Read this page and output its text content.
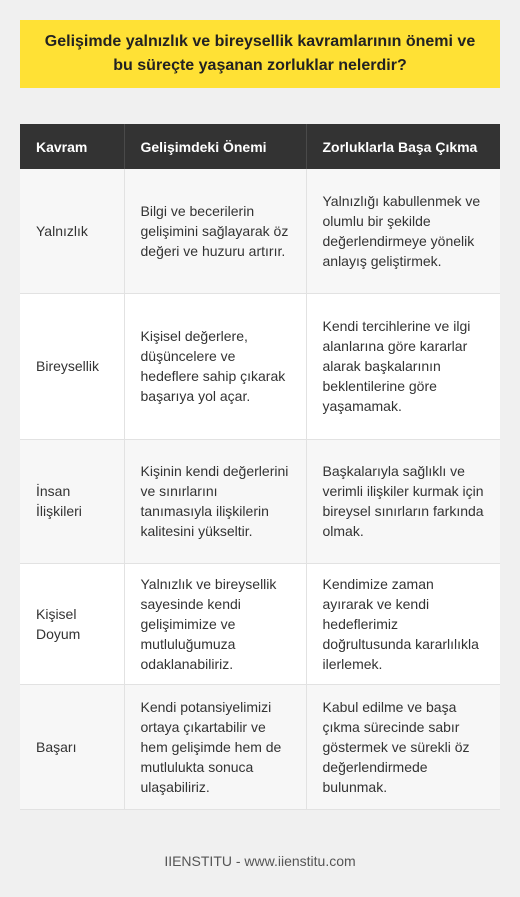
Gelişimde yalnızlık ve bireysellik kavramlarının önemi ve bu süreçte yaşanan zorluklar nelerdir?
Kavram	Gelişimdeki Önemi	Zorluklarla Başa Çıkma
Yalnızlık	Bilgi ve becerilerin gelişimini sağlayarak öz değeri ve huzuru artırır.	Yalnızlığı kabullenmek ve olumlu bir şekilde değerlendirmeye yönelik anlayış geliştirmek.
Bireysellik	Kişisel değerlere, düşüncelere ve hedeflere sahip çıkarak başarıya yol açar.	Kendi tercihlerine ve ilgi alanlarına göre kararlar alarak başkalarının beklentilerine göre yaşamamak.
İnsan İlişkileri	Kişinin kendi değerlerini ve sınırlarını tanımasıyla ilişkilerin kalitesini yükseltir.	Başkalarıyla sağlıklı ve verimli ilişkiler kurmak için bireysel sınırların farkında olmak.
Kişisel Doyum	Yalnızlık ve bireysellik sayesinde kendi gelişimimize ve mutluluğumuza odaklanabiliriz.	Kendimize zaman ayırarak ve kendi hedeflerimiz doğrultusunda kararlılıkla ilerlemek.
Başarı	Kendi potansiyelimizi ortaya çıkartabilir ve hem gelişimde hem de mutlulukta sonuca ulaşabiliriz.	Kabul edilme ve başa çıkma sürecinde sabır göstermek ve sürekli öz değerlendirmede bulunmak.
IIENSTITU - www.iienstitu.com
